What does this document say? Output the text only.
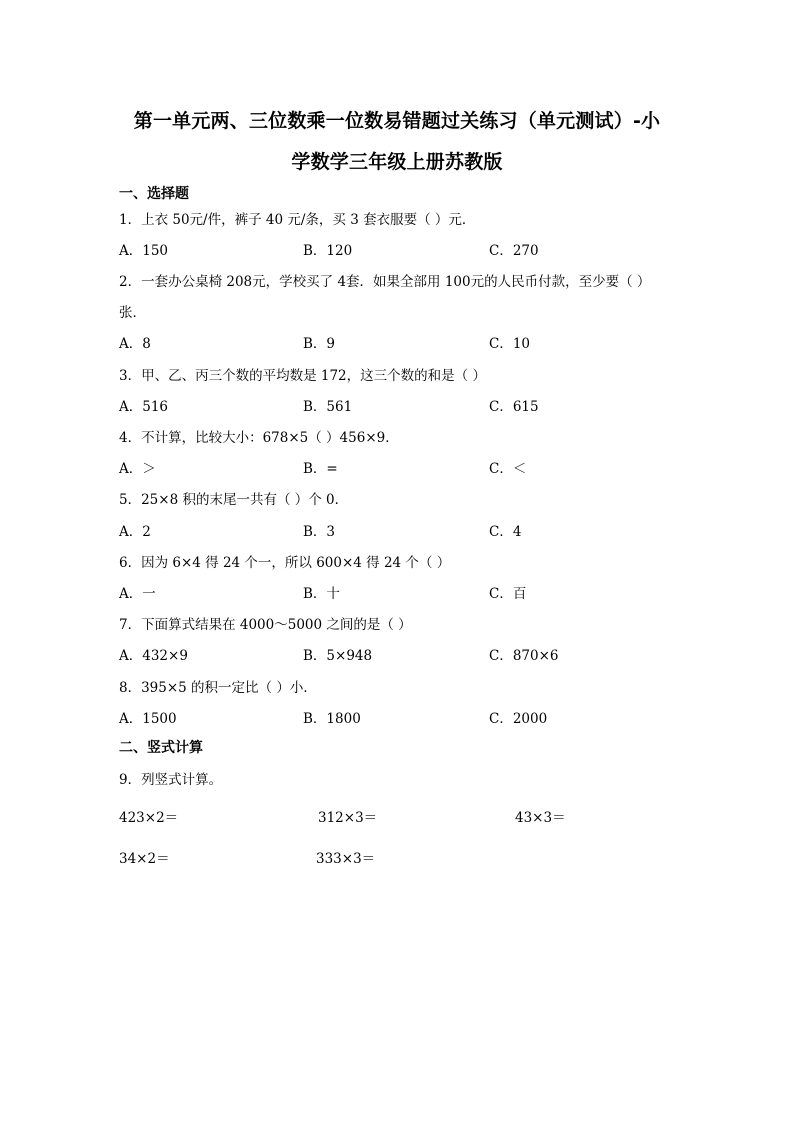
第一单元两、三位数乘一位数易错题过关练习（单元测试）-小
学数学三年级上册苏教版
一、选择题
1．上衣 50元/件，裤子 40 元/条，买 3 套衣服要（ ）元．
A．150	B．120	C．270
2．一套办公桌椅 208元，学校买了 4套．如果全部用 100元的人民币付款，至少要（ ）
张．
A．8	B．9	C．10
3．甲、乙、丙三个数的平均数是 172，这三个数的和是（ ）
A．516	B．561	C．615
4．不计算，比较大小：678×5（ ）456×9．
A．＞	B．=	C．＜
5．25×8 积的末尾一共有（ ）个 0．
A．2	B．3	C．4
6．因为 6×4 得 24 个一，所以 600×4 得 24 个（ ）
A．一	B．十	C．百
7．下面算式结果在 4000～5000 之间的是（ ）
A．432×9	B．5×948	C．870×6
8．395×5 的积一定比（ ）小．
A．1500	B．1800	C．2000
二、竖式计算
9．列竖式计算。
423×2＝	312×3＝	43×3＝
34×2＝	333×3＝
